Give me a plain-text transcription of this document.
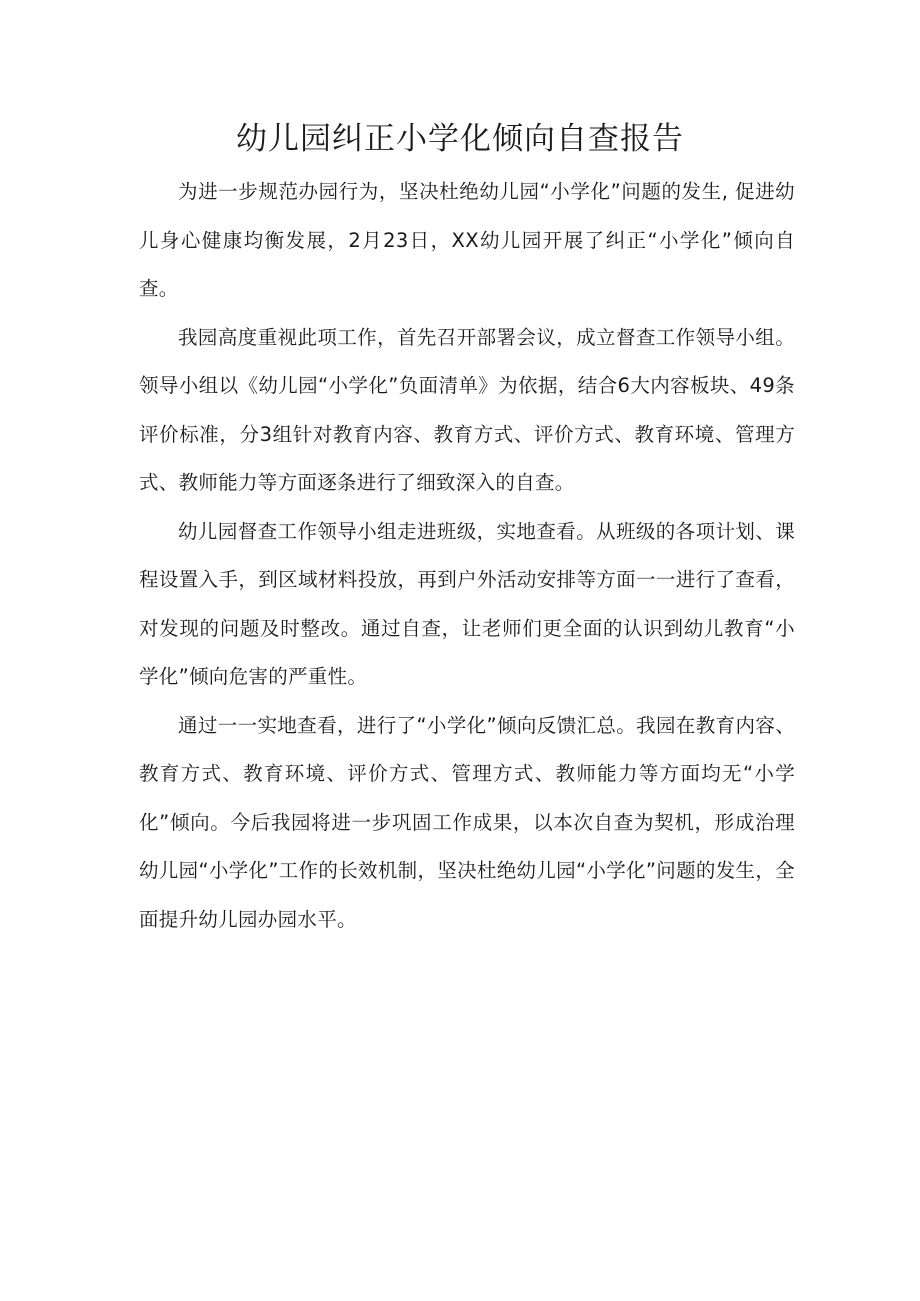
幼儿园纠正小学化倾向自查报告

为进一步规范办园行为，坚决杜绝幼儿园“小学化”问题的发生, 促进幼儿身心健康均衡发展，2月23日，XX幼儿园开展了纠正“小学化”倾向自查。

我园高度重视此项工作，首先召开部署会议，成立督查工作领导小组。领导小组以《幼儿园“小学化”负面清单》为依据，结合6大内容板块、49条评价标准，分3组针对教育内容、教育方式、评价方式、教育环境、管理方式、教师能力等方面逐条进行了细致深入的自查。

幼儿园督查工作领导小组走进班级，实地查看。从班级的各项计划、课程设置入手，到区域材料投放，再到户外活动安排等方面一一进行了查看，对发现的问题及时整改。通过自查，让老师们更全面的认识到幼儿教育“小学化”倾向危害的严重性。

通过一一实地查看，进行了“小学化”倾向反馈汇总。我园在教育内容、教育方式、教育环境、评价方式、管理方式、教师能力等方面均无“小学化”倾向。今后我园将进一步巩固工作成果，以本次自查为契机，形成治理幼儿园“小学化”工作的长效机制，坚决杜绝幼儿园“小学化”问题的发生，全面提升幼儿园办园水平。
